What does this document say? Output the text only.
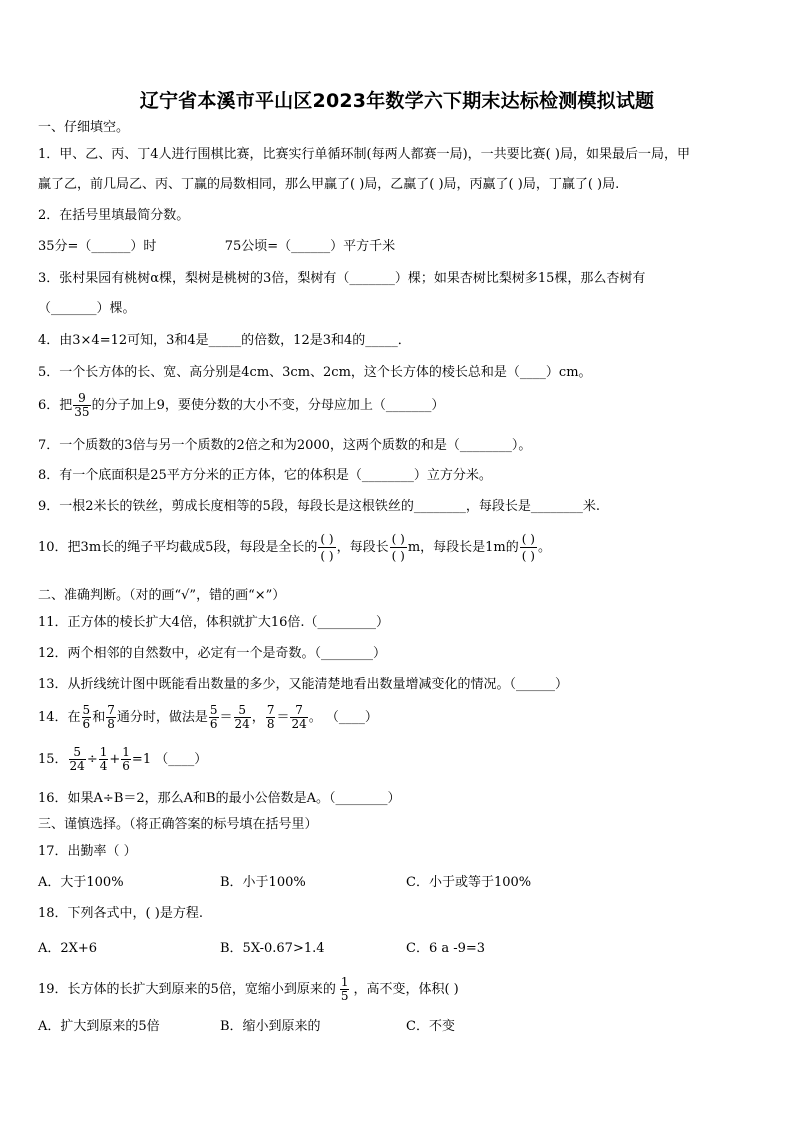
辽宁省本溪市平山区2023年数学六下期末达标检测模拟试题
一、仔细填空。
1．甲、乙、丙、丁4人进行围棋比赛，比赛实行单循环制(每两人都赛一局)，一共要比赛( )局，如果最后一局，甲
赢了乙，前几局乙、丙、丁赢的局数相同，那么甲赢了( )局，乙赢了( )局，丙赢了( )局，丁赢了( )局.
2．在括号里填最简分数。
35分=（______）时	75公顷=（______）平方千米
3．张村果园有桃树α棵，梨树是桃树的3倍，梨树有（_______）棵；如果杏树比梨树多15棵，那么杏树有
（_______）棵。
4．由3×4=12可知，3和4是_____的倍数，12是3和4的_____．
5．一个长方体的长、宽、高分别是4cm、3cm、2cm，这个长方体的棱长总和是（____）cm。
6．把 $\frac{9}{35}$ 的分子加上9，要使分数的大小不变，分母应加上（_______）
7．一个质数的3倍与另一个质数的2倍之和为2000，这两个质数的和是（________）。
8．有一个底面积是25平方分米的正方体，它的体积是（________）立方分米。
9．一根2米长的铁丝，剪成长度相等的5段，每段长是这根铁丝的________，每段长是________米.
10．把3m长的绳子平均截成5段，每段是全长的 $\frac{( )}{( )}$ ，每段长 $\frac{( )}{( )}$ m，每段长是1m的 $\frac{( )}{( )}$ 。
二、准确判断。（对的画“√”，错的画“×”）
11．正方体的棱长扩大4倍，体积就扩大16倍.（_________）
12．两个相邻的自然数中，必定有一个是奇数。（________）
13．从折线统计图中既能看出数量的多少，又能清楚地看出数量增减变化的情况。（______）
14．在 $\frac{5}{6}$ 和 $\frac{7}{8}$ 通分时，做法是 $\frac{5}{6} = \frac{5}{24}$ ， $\frac{7}{8} = \frac{7}{24}$ 。 （____）
15． $\frac{5}{24} \div \frac{1}{4} + \frac{1}{6} =1$ （____）
16．如果A÷B＝2，那么A和B的最小公倍数是A。（________）
三、谨慎选择。（将正确答案的标号填在括号里）
17．出勤率（ ）
A．大于100%	B．小于100%	C．小于或等于100%
18．下列各式中，( )是方程.
A．2X+6	B．5X-0.67>1.4	C．6 a -9=3
19．长方体的长扩大到原来的5倍，宽缩小到原来的 $\frac{1}{5}$ ，高不变，体积( )
A．扩大到原来的5倍	B．缩小到原来的	C．不变
